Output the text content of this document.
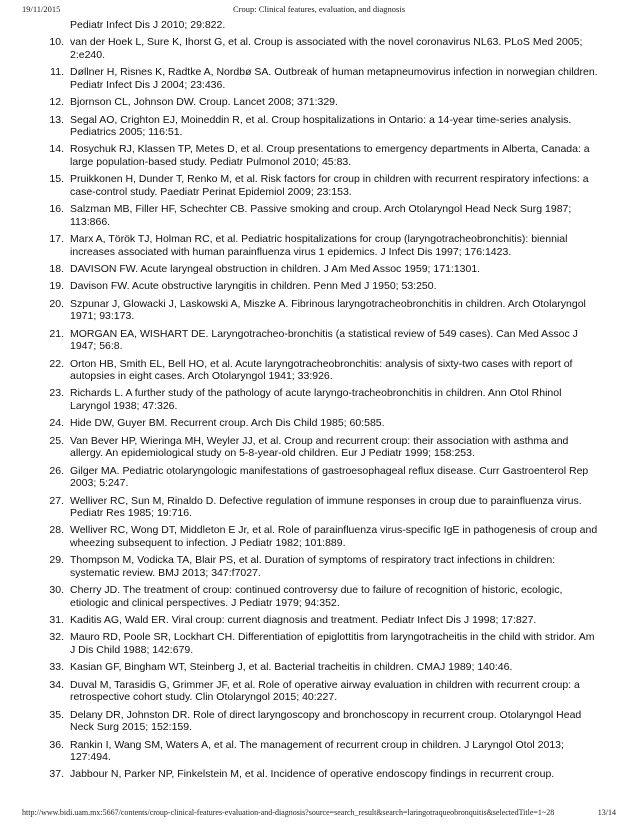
19/11/2015	Croup: Clinical features, evaluation, and diagnosis
Pediatr Infect Dis J 2010; 29:822.
10. van der Hoek L, Sure K, Ihorst G, et al. Croup is associated with the novel coronavirus NL63. PLoS Med 2005; 2:e240.
11. Døllner H, Risnes K, Radtke A, Nordbø SA. Outbreak of human metapneumovirus infection in norwegian children. Pediatr Infect Dis J 2004; 23:436.
12. Bjornson CL, Johnson DW. Croup. Lancet 2008; 371:329.
13. Segal AO, Crighton EJ, Moineddin R, et al. Croup hospitalizations in Ontario: a 14-year time-series analysis. Pediatrics 2005; 116:51.
14. Rosychuk RJ, Klassen TP, Metes D, et al. Croup presentations to emergency departments in Alberta, Canada: a large population-based study. Pediatr Pulmonol 2010; 45:83.
15. Pruikkonen H, Dunder T, Renko M, et al. Risk factors for croup in children with recurrent respiratory infections: a case-control study. Paediatr Perinat Epidemiol 2009; 23:153.
16. Salzman MB, Filler HF, Schechter CB. Passive smoking and croup. Arch Otolaryngol Head Neck Surg 1987; 113:866.
17. Marx A, Török TJ, Holman RC, et al. Pediatric hospitalizations for croup (laryngotracheobronchitis): biennial increases associated with human parainfluenza virus 1 epidemics. J Infect Dis 1997; 176:1423.
18. DAVISON FW. Acute laryngeal obstruction in children. J Am Med Assoc 1959; 171:1301.
19. Davison FW. Acute obstructive laryngitis in children. Penn Med J 1950; 53:250.
20. Szpunar J, Glowacki J, Laskowski A, Miszke A. Fibrinous laryngotracheobronchitis in children. Arch Otolaryngol 1971; 93:173.
21. MORGAN EA, WISHART DE. Laryngotracheo-bronchitis (a statistical review of 549 cases). Can Med Assoc J 1947; 56:8.
22. Orton HB, Smith EL, Bell HO, et al. Acute laryngotracheobronchitis: analysis of sixty-two cases with report of autopsies in eight cases. Arch Otolaryngol 1941; 33:926.
23. Richards L. A further study of the pathology of acute laryngo-tracheobronchitis in children. Ann Otol Rhinol Laryngol 1938; 47:326.
24. Hide DW, Guyer BM. Recurrent croup. Arch Dis Child 1985; 60:585.
25. Van Bever HP, Wieringa MH, Weyler JJ, et al. Croup and recurrent croup: their association with asthma and allergy. An epidemiological study on 5-8-year-old children. Eur J Pediatr 1999; 158:253.
26. Gilger MA. Pediatric otolaryngologic manifestations of gastroesophageal reflux disease. Curr Gastroenterol Rep 2003; 5:247.
27. Welliver RC, Sun M, Rinaldo D. Defective regulation of immune responses in croup due to parainfluenza virus. Pediatr Res 1985; 19:716.
28. Welliver RC, Wong DT, Middleton E Jr, et al. Role of parainfluenza virus-specific IgE in pathogenesis of croup and wheezing subsequent to infection. J Pediatr 1982; 101:889.
29. Thompson M, Vodicka TA, Blair PS, et al. Duration of symptoms of respiratory tract infections in children: systematic review. BMJ 2013; 347:f7027.
30. Cherry JD. The treatment of croup: continued controversy due to failure of recognition of historic, ecologic, etiologic and clinical perspectives. J Pediatr 1979; 94:352.
31. Kaditis AG, Wald ER. Viral croup: current diagnosis and treatment. Pediatr Infect Dis J 1998; 17:827.
32. Mauro RD, Poole SR, Lockhart CH. Differentiation of epiglottitis from laryngotracheitis in the child with stridor. Am J Dis Child 1988; 142:679.
33. Kasian GF, Bingham WT, Steinberg J, et al. Bacterial tracheitis in children. CMAJ 1989; 140:46.
34. Duval M, Tarasidis G, Grimmer JF, et al. Role of operative airway evaluation in children with recurrent croup: a retrospective cohort study. Clin Otolaryngol 2015; 40:227.
35. Delany DR, Johnston DR. Role of direct laryngoscopy and bronchoscopy in recurrent croup. Otolaryngol Head Neck Surg 2015; 152:159.
36. Rankin I, Wang SM, Waters A, et al. The management of recurrent croup in children. J Laryngol Otol 2013; 127:494.
37. Jabbour N, Parker NP, Finkelstein M, et al. Incidence of operative endoscopy findings in recurrent croup.
http://www.bidi.uam.mx:5667/contents/croup-clinical-features-evaluation-and-diagnosis?source=search_result&search=laringotraqueobronquitis&selectedTitle=1~28	13/14
